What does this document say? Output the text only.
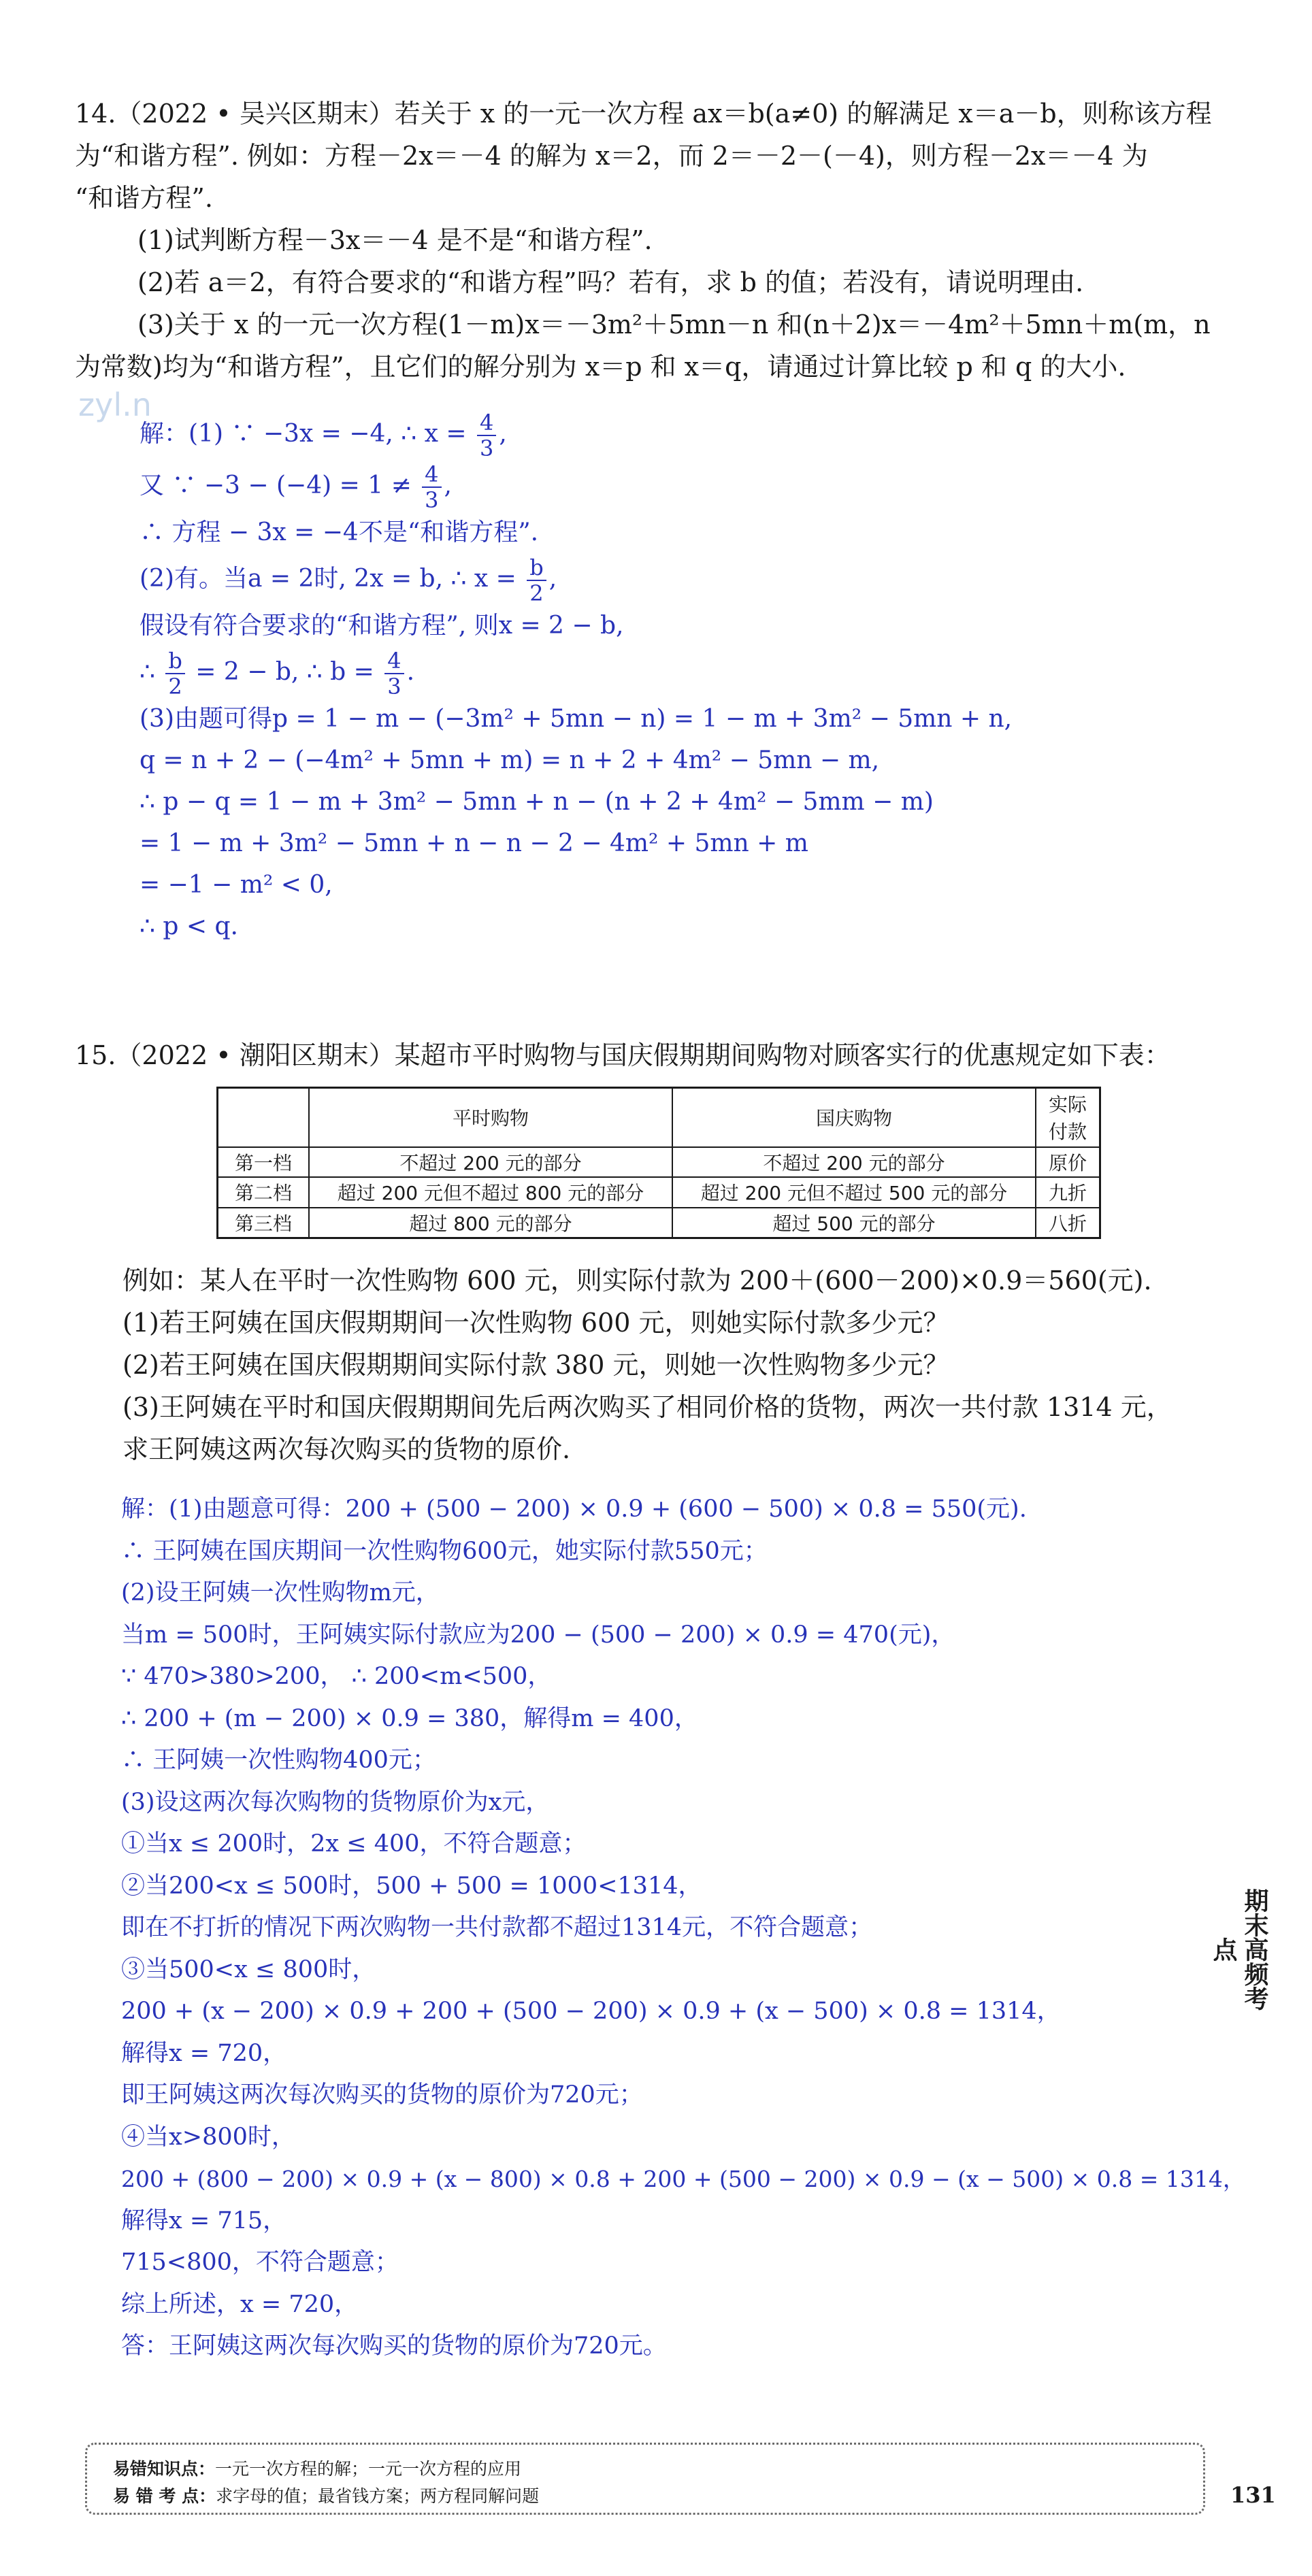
zyl.n
14.（2022 • 吴兴区期末）若关于 x 的一元一次方程 ax＝b(a≠0) 的解满足 x＝a－b，则称该方程
为“和谐方程”. 例如：方程－2x＝－4 的解为 x＝2，而 2＝－2－(－4)，则方程－2x＝－4 为
“和谐方程”.
(1)试判断方程－3x＝－4 是不是“和谐方程”.
(2)若 a＝2，有符合要求的“和谐方程”吗？若有，求 b 的值；若没有，请说明理由.
(3)关于 x 的一元一次方程(1－m)x＝－3m²＋5mn－n 和(n＋2)x＝－4m²＋5mn＋m(m，n
为常数)均为“和谐方程”，且它们的解分别为 x＝p 和 x＝q，请通过计算比较 p 和 q 的大小.
解：(1) ∵ −3x = −4, ∴ $x = \frac{4}{3}$ ,
又 ∵ $-3 - (-4) = 1 \ne \frac{4}{3}$ ,
∴ 方程 − 3x = −4不是“和谐方程”.
(2)有。当a = 2时, 2x = b, ∴ $x = \frac{b}{2}$ ,
假设有符合要求的“和谐方程”, 则x = 2 − b,
∴ $\frac{b}{2} = 2 - b$, ∴ $b = \frac{4}{3}$ .
(3)由题可得p = 1 − m − (−3m² + 5mn − n) = 1 − m + 3m² − 5mn + n,
q = n + 2 − (−4m² + 5mn + m) = n + 2 + 4m² − 5mn − m,
∴ p − q = 1 − m + 3m² − 5mn + n − (n + 2 + 4m² − 5mm − m)
= 1 − m + 3m² − 5mn + n − n − 2 − 4m² + 5mn + m
= −1 − m² < 0,
∴ p < q.
15.（2022 • 潮阳区期末）某超市平时购物与国庆假期期间购物对顾客实行的优惠规定如下表：
	平时购物	国庆购物	实际付款
第一档	不超过 200 元的部分	不超过 200 元的部分	原价
第二档	超过 200 元但不超过 800 元的部分	超过 200 元但不超过 500 元的部分	九折
第三档	超过 800 元的部分	超过 500 元的部分	八折
例如：某人在平时一次性购物 600 元，则实际付款为 200＋(600－200)×0.9＝560(元).
(1)若王阿姨在国庆假期期间一次性购物 600 元，则她实际付款多少元？
(2)若王阿姨在国庆假期期间实际付款 380 元，则她一次性购物多少元？
(3)王阿姨在平时和国庆假期期间先后两次购买了相同价格的货物，两次一共付款 1314 元，
求王阿姨这两次每次购买的货物的原价.
解：(1)由题意可得：200 + (500 − 200) × 0.9 + (600 − 500) × 0.8 = 550(元).
∴ 王阿姨在国庆期间一次性购物600元，她实际付款550元；
(2)设王阿姨一次性购物m元，
当m = 500时，王阿姨实际付款应为200 − (500 − 200) × 0.9 = 470(元)，
∵ 470>380>200， ∴ 200<m<500，
∴ 200 + (m − 200) × 0.9 = 380，解得m = 400，
∴ 王阿姨一次性购物400元；
(3)设这两次每次购物的货物原价为x元，
①当x ≤ 200时，2x ≤ 400，不符合题意；
②当200<x ≤ 500时，500 + 500 = 1000<1314，
即在不打折的情况下两次购物一共付款都不超过1314元，不符合题意；
③当500<x ≤ 800时，
200 + (x − 200) × 0.9 + 200 + (500 − 200) × 0.9 + (x − 500) × 0.8 = 1314，
解得x = 720，
即王阿姨这两次每次购买的货物的原价为720元；
④当x>800时，
200 + (800 − 200) × 0.9 + (x − 800) × 0.8 + 200 + (500 − 200) × 0.9 − (x − 500) × 0.8 = 1314，
解得x = 715，
715<800，不符合题意；
综上所述，x = 720，
答：王阿姨这两次每次购买的货物的原价为720元。
期末高频考点
易错知识点：一元一次方程的解；一元一次方程的应用
易 错 考 点：求字母的值；最省钱方案；两方程同解问题	131
